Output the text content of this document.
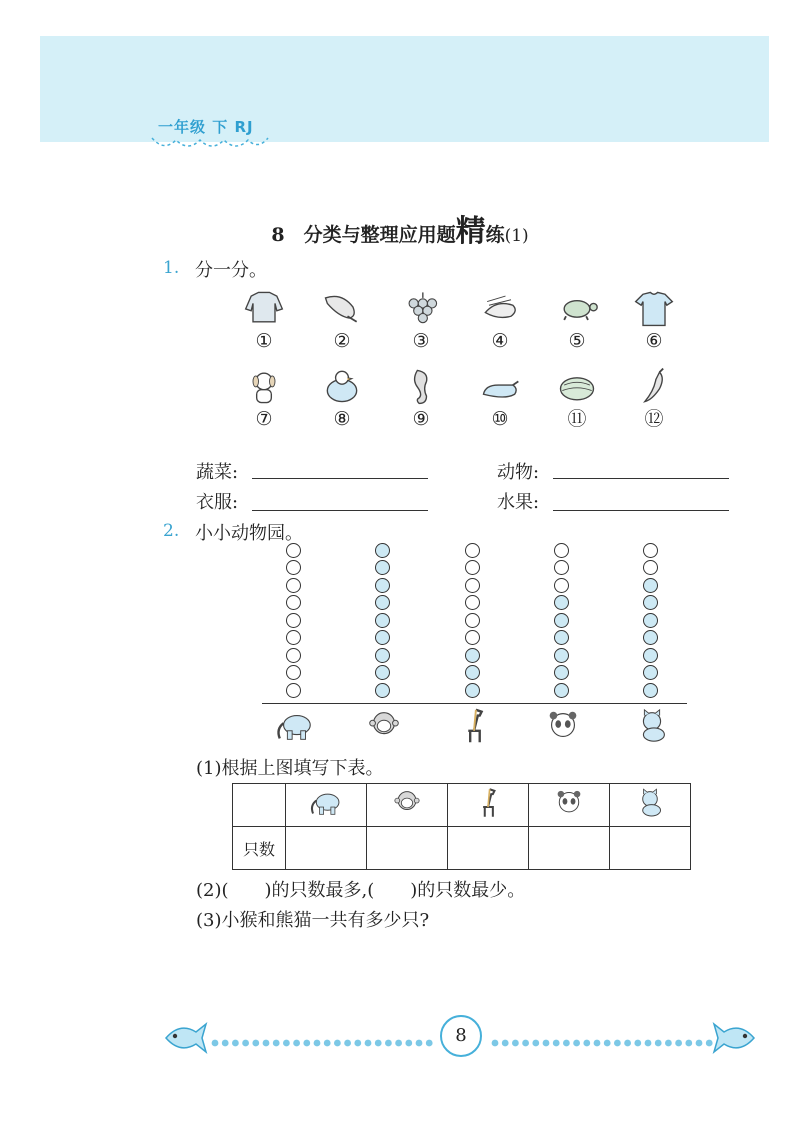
一年级 下 RJ
8　 分类与整理应用题精练(1)
1. 分一分。
①	②	③	④	⑤	⑥
⑦	⑧	⑨	⑩	⑪	⑫
蔬菜:	动物:
衣服:	水果:
2. 小小动物园。
(1)根据上图填写下表。

只数					
(2)(　　)的只数最多,(　　)的只数最少。
(3)小猴和熊猫一共有多少只?
8
